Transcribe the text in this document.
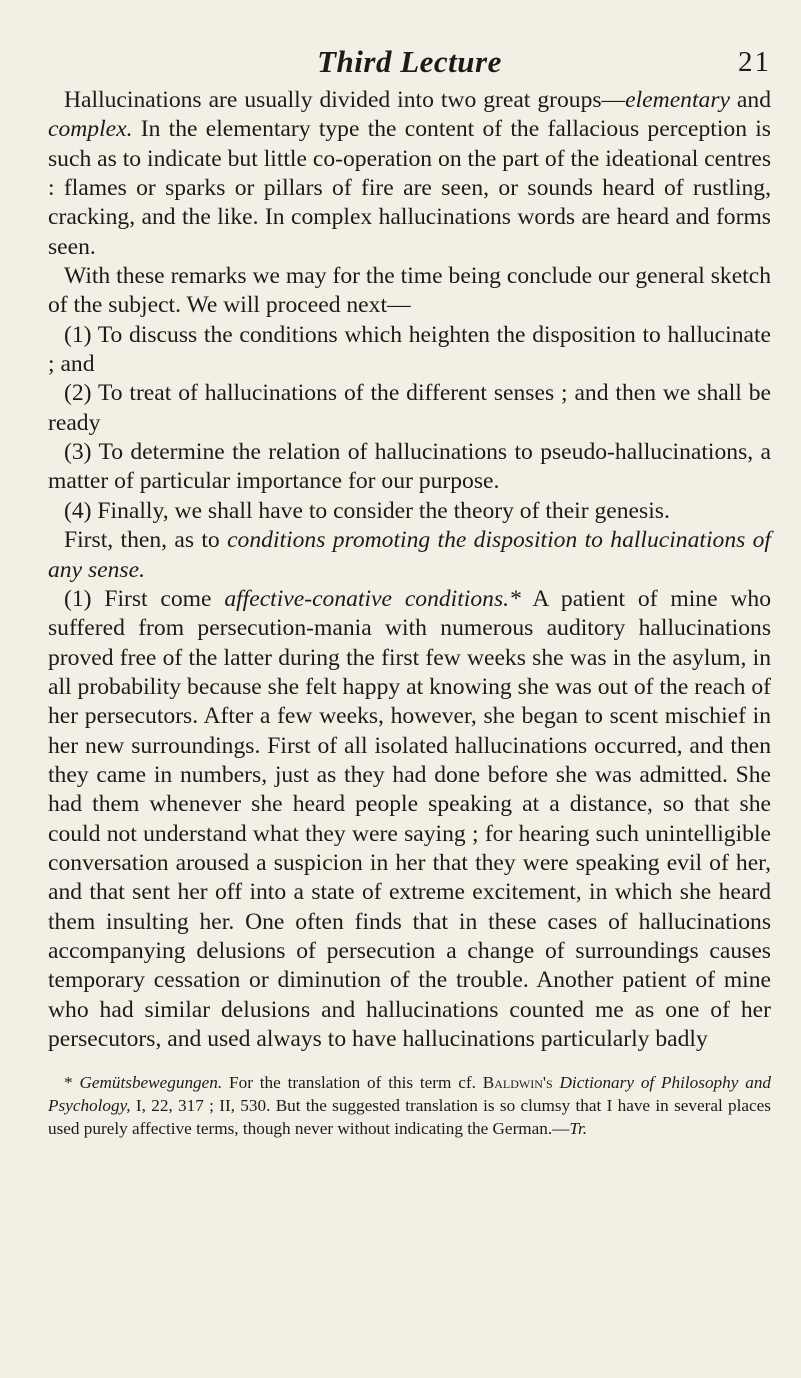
Third Lecture	21

Hallucinations are usually divided into two great groups—elementary and complex. In the elementary type the content of the fallacious perception is such as to indicate but little co-operation on the part of the ideational centres : flames or sparks or pillars of fire are seen, or sounds heard of rustling, cracking, and the like. In complex hallucinations words are heard and forms seen.

With these remarks we may for the time being conclude our general sketch of the subject. We will proceed next—

(1) To discuss the conditions which heighten the disposition to hallucinate ; and

(2) To treat of hallucinations of the different senses ; and then we shall be ready

(3) To determine the relation of hallucinations to pseudo-hallucinations, a matter of particular importance for our purpose.

(4) Finally, we shall have to consider the theory of their genesis.

First, then, as to conditions promoting the disposition to hallucinations of any sense.

(1) First come affective-conative conditions.* A patient of mine who suffered from persecution-mania with numerous auditory hallucinations proved free of the latter during the first few weeks she was in the asylum, in all probability because she felt happy at knowing she was out of the reach of her persecutors. After a few weeks, however, she began to scent mischief in her new surroundings. First of all isolated hallucinations occurred, and then they came in numbers, just as they had done before she was admitted. She had them whenever she heard people speaking at a distance, so that she could not understand what they were saying ; for hearing such unintelligible conversation aroused a suspicion in her that they were speaking evil of her, and that sent her off into a state of extreme excitement, in which she heard them insulting her. One often finds that in these cases of hallucinations accompanying delusions of persecution a change of surroundings causes temporary cessation or diminution of the trouble. Another patient of mine who had similar delusions and hallucinations counted me as one of her persecutors, and used always to have hallucinations particularly badly

* Gemütsbewegungen. For the translation of this term cf. Baldwin's Dictionary of Philosophy and Psychology, I, 22, 317 ; II, 530. But the suggested translation is so clumsy that I have in several places used purely affective terms, though never without indicating the German.—Tr.
